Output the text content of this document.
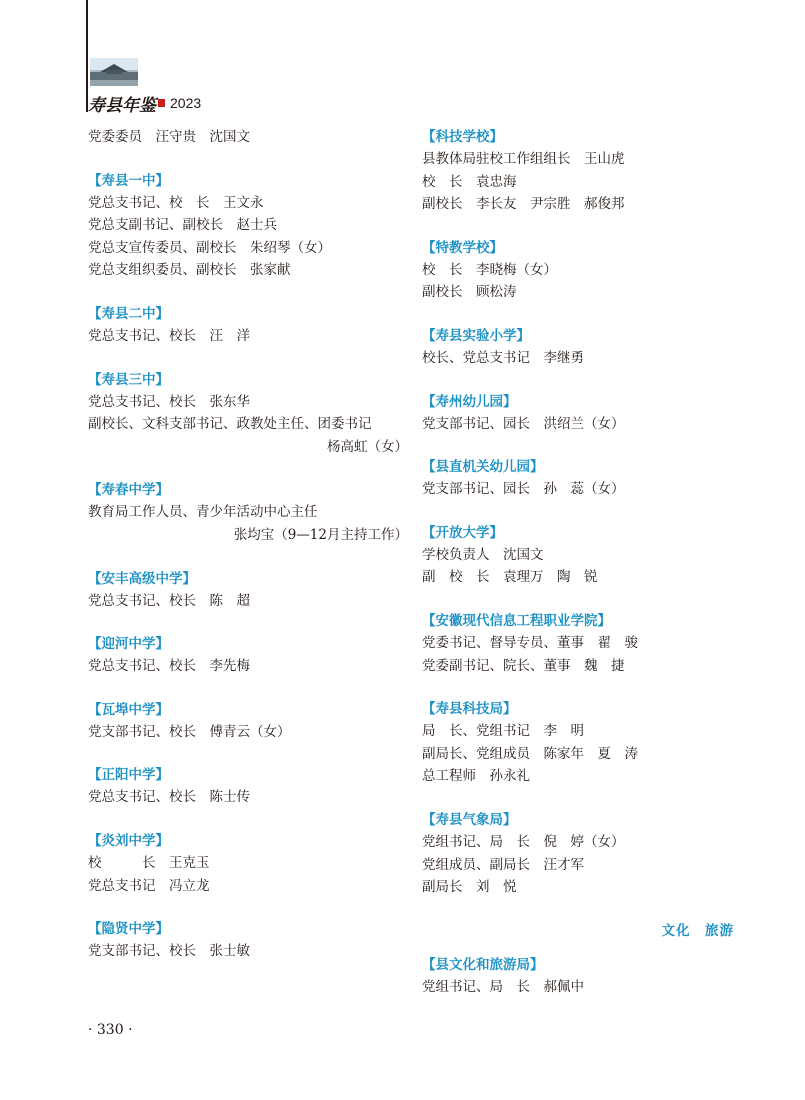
寿县年鉴 2023
党委委员　汪守贵　沈国文
【寿县一中】
党总支书记、校　长　王文永
党总支副书记、副校长　赵士兵
党总支宣传委员、副校长　朱绍琴（女）
党总支组织委员、副校长　张家献
【寿县二中】
党总支书记、校长　汪　洋
【寿县三中】
党总支书记、校长　张东华
副校长、文科支部书记、政教处主任、团委书记
杨高虹（女）
【寿春中学】
教育局工作人员、青少年活动中心主任
张均宝（9—12月主持工作）
【安丰高级中学】
党总支书记、校长　陈　超
【迎河中学】
党总支书记、校长　李先梅
【瓦埠中学】
党支部书记、校长　傅青云（女）
【正阳中学】
党总支书记、校长　陈士传
【炎刘中学】
校　　　长　王克玉
党总支书记　冯立龙
【隐贤中学】
党支部书记、校长　张士敏
【科技学校】
县教体局驻校工作组组长　王山虎
校　长　袁忠海
副校长　李长友　尹宗胜　郝俊邦
【特教学校】
校　长　李晓梅（女）
副校长　顾松涛
【寿县实验小学】
校长、党总支书记　李继勇
【寿州幼儿园】
党支部书记、园长　洪绍兰（女）
【县直机关幼儿园】
党支部书记、园长　孙　蕊（女）
【开放大学】
学校负责人　沈国文
副　校　长　袁理万　陶　锐
【安徽现代信息工程职业学院】
党委书记、督导专员、董事　翟　骏
党委副书记、院长、董事　魏　捷
【寿县科技局】
局　长、党组书记　李　明
副局长、党组成员　陈家年　夏　涛
总工程师　孙永礼
【寿县气象局】
党组书记、局　长　倪　婷（女）
党组成员、副局长　汪才军
副局长　刘　悦
文化　旅游
【县文化和旅游局】
党组书记、局　长　郝佩中
· 330 ·
